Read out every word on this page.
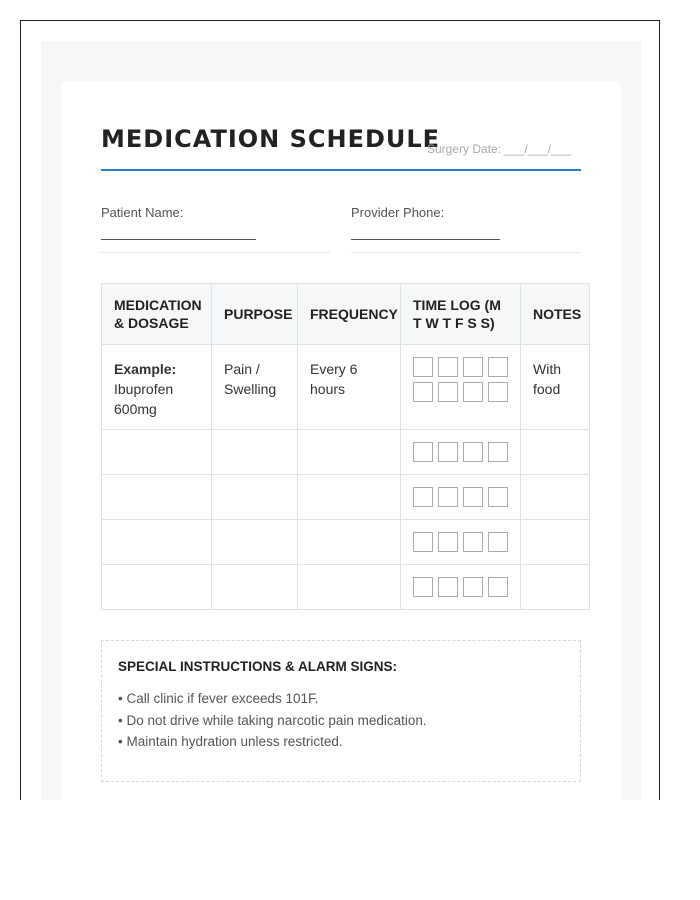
MEDICATION SCHEDULE
Surgery Date: ___/___/___
Patient Name:	Provider Phone:
MEDICATION & DOSAGE	PURPOSE	FREQUENCY	TIME LOG (M T W T F S S)	NOTES
Example:
Ibuprofen 600mg	Pain / Swelling	Every 6 hours		With food

SPECIAL INSTRUCTIONS & ALARM SIGNS:

• Call clinic if fever exceeds 101F.
• Do not drive while taking narcotic pain medication.
• Maintain hydration unless restricted.
